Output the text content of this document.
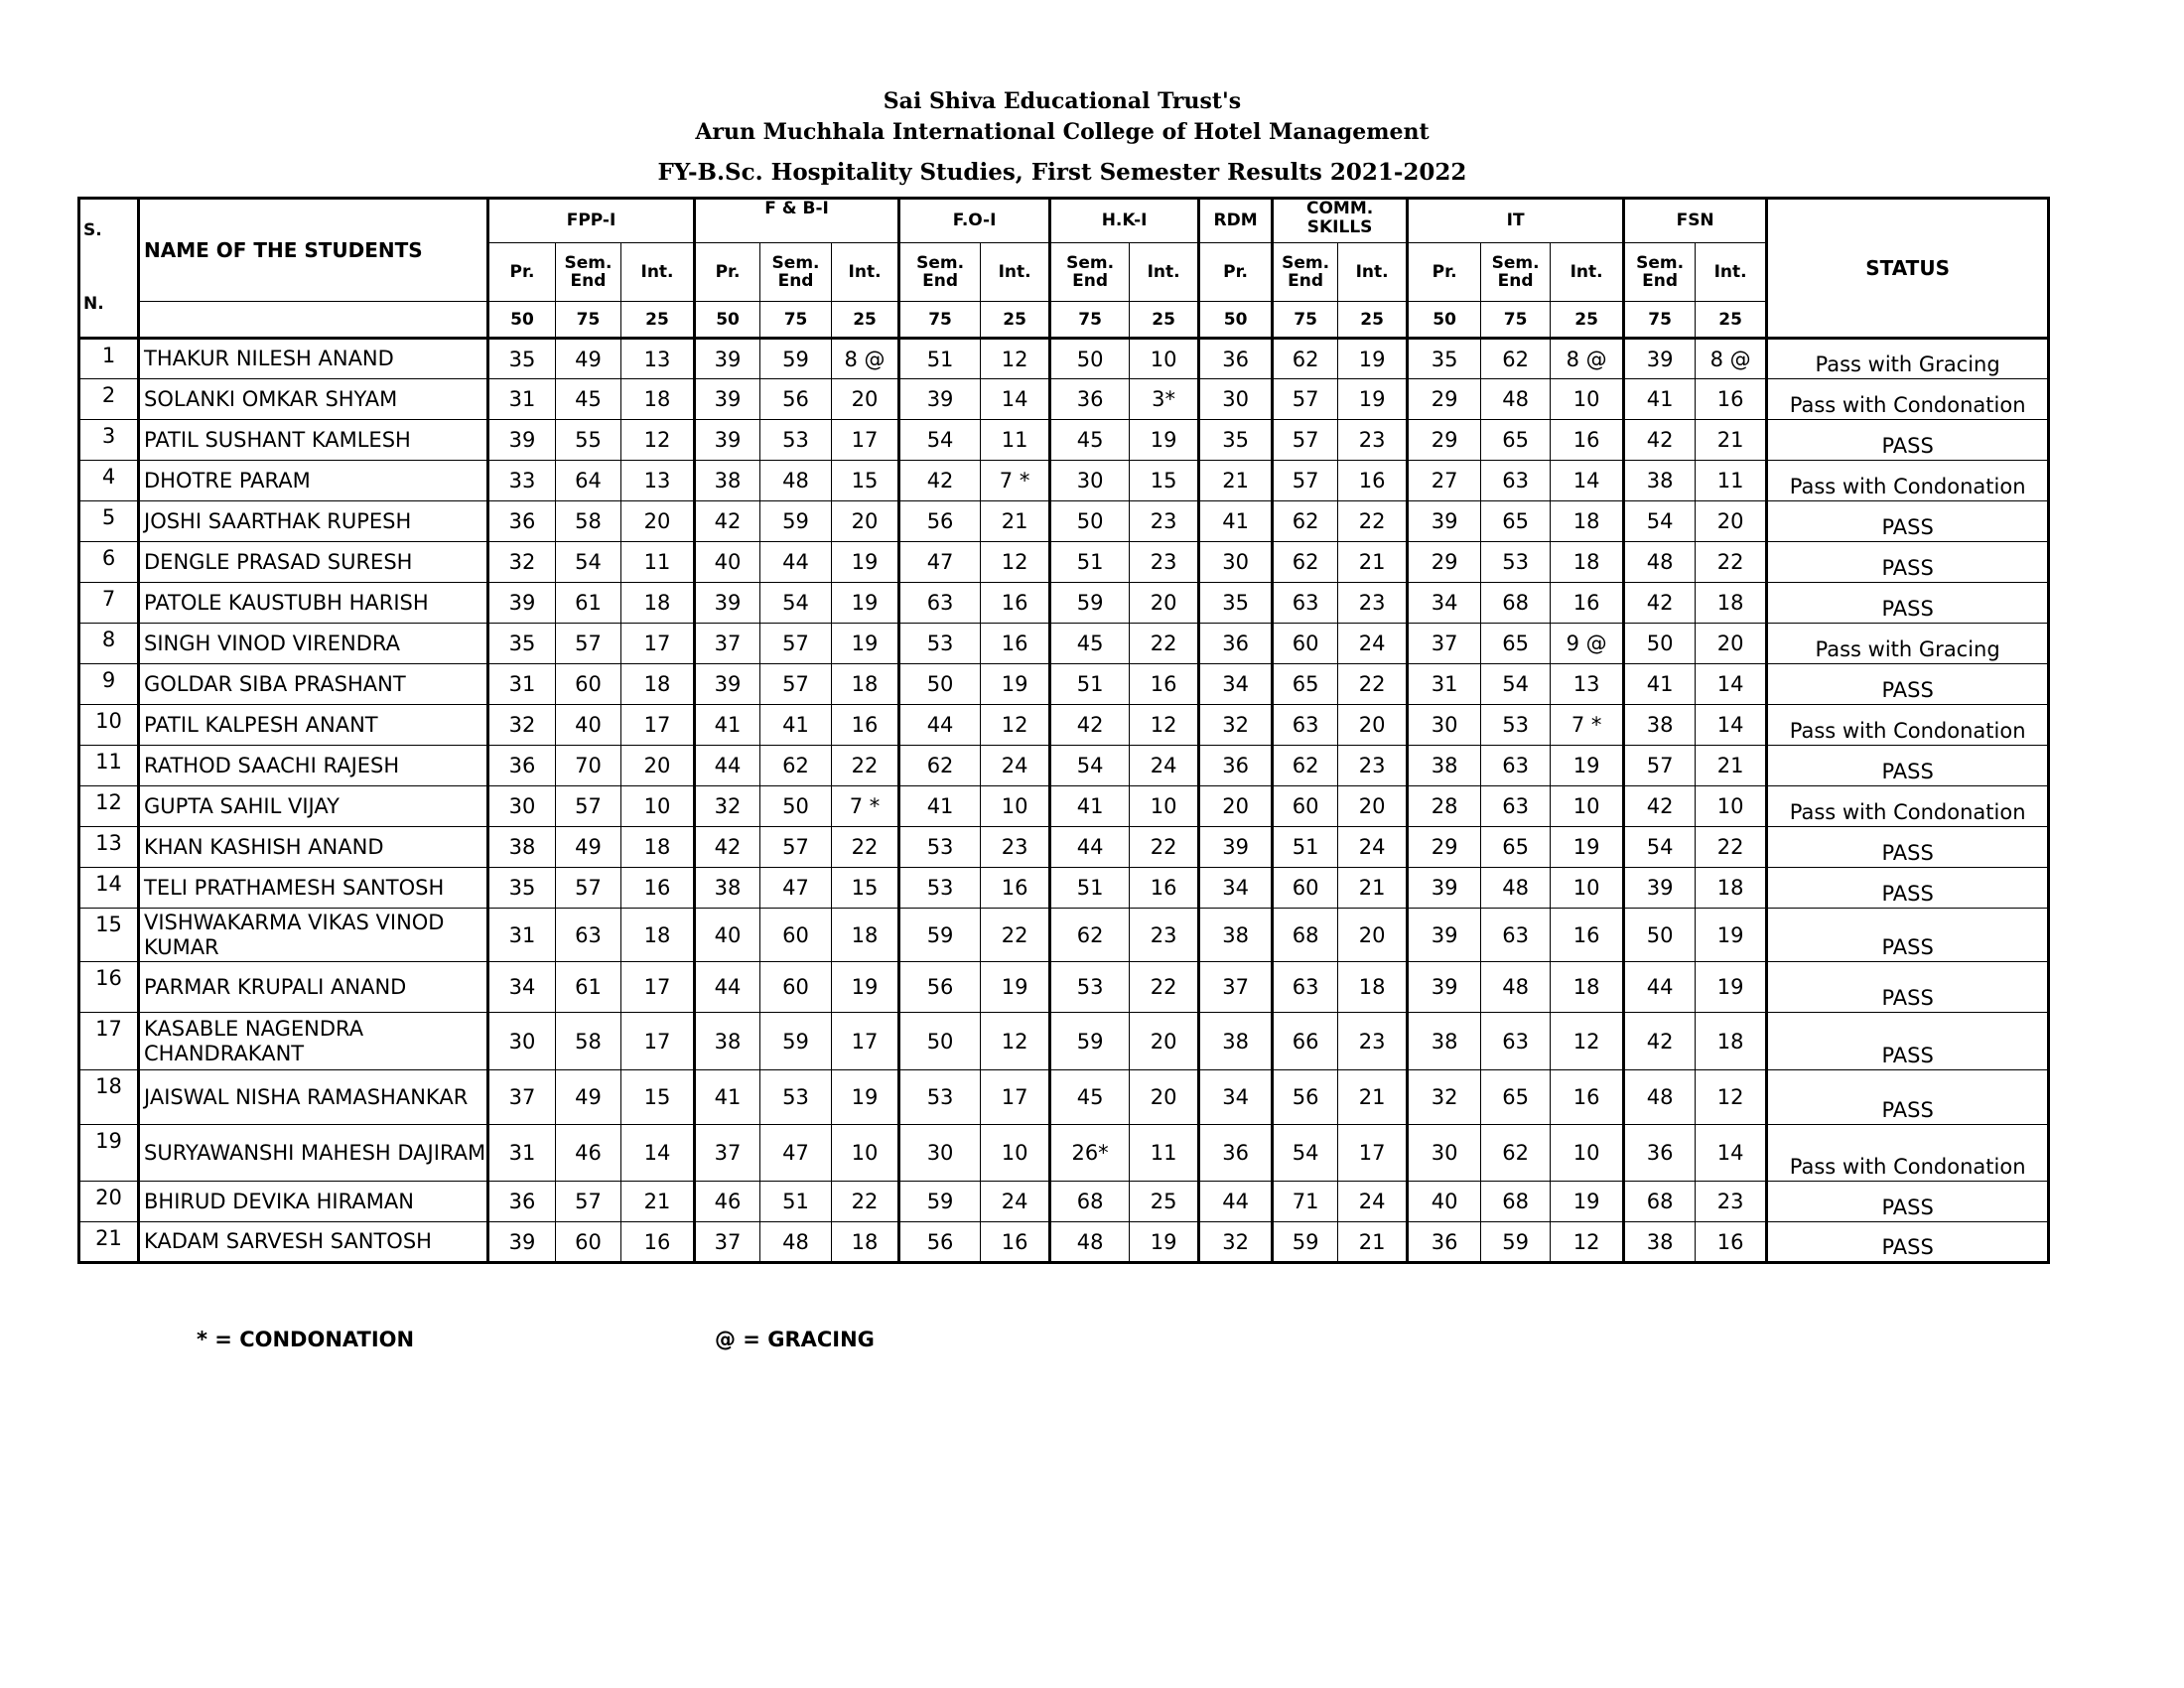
Sai Shiva Educational Trust's
Arun Muchhala International College of Hotel Management
FY-B.Sc. Hospitality Studies, First Semester Results 2021-2022
S.
N.	NAME OF THE STUDENTS	FPP-I			F & B-I			F.O-I		H.K-I		RDM	COMM. SKILLS		IT			FSN		STATUS
		Pr.	Sem. End	Int.	Pr.	Sem. End	Int.	Sem. End	Int.	Sem. End	Int.	Pr.	Sem. End	Int.	Pr.	Sem. End	Int.	Sem. End	Int.	
		50	75	25	50	75	25	75	25	75	25	50	75	25	50	75	25	75	25	
1	THAKUR NILESH ANAND	35	49	13	39	59	8 @	51	12	50	10	36	62	19	35	62	8 @	39	8 @	Pass with Gracing
2	SOLANKI OMKAR SHYAM	31	45	18	39	56	20	39	14	36	3*	30	57	19	29	48	10	41	16	Pass with Condonation
3	PATIL SUSHANT KAMLESH	39	55	12	39	53	17	54	11	45	19	35	57	23	29	65	16	42	21	PASS
4	DHOTRE PARAM	33	64	13	38	48	15	42	7 *	30	15	21	57	16	27	63	14	38	11	Pass with Condonation
5	JOSHI SAARTHAK RUPESH	36	58	20	42	59	20	56	21	50	23	41	62	22	39	65	18	54	20	PASS
6	DENGLE PRASAD SURESH	32	54	11	40	44	19	47	12	51	23	30	62	21	29	53	18	48	22	PASS
7	PATOLE KAUSTUBH HARISH	39	61	18	39	54	19	63	16	59	20	35	63	23	34	68	16	42	18	PASS
8	SINGH VINOD VIRENDRA	35	57	17	37	57	19	53	16	45	22	36	60	24	37	65	9 @	50	20	Pass with Gracing
9	GOLDAR SIBA PRASHANT	31	60	18	39	57	18	50	19	51	16	34	65	22	31	54	13	41	14	PASS
10	PATIL KALPESH ANANT	32	40	17	41	41	16	44	12	42	12	32	63	20	30	53	7 *	38	14	Pass with Condonation
11	RATHOD SAACHI RAJESH	36	70	20	44	62	22	62	24	54	24	36	62	23	38	63	19	57	21	PASS
12	GUPTA SAHIL VIJAY	30	57	10	32	50	7 *	41	10	41	10	20	60	20	28	63	10	42	10	Pass with Condonation
13	KHAN KASHISH ANAND	38	49	18	42	57	22	53	23	44	22	39	51	24	29	65	19	54	22	PASS
14	TELI PRATHAMESH SANTOSH	35	57	16	38	47	15	53	16	51	16	34	60	21	39	48	10	39	18	PASS
15	VISHWAKARMA VIKAS VINOD KUMAR	31	63	18	40	60	18	59	22	62	23	38	68	20	39	63	16	50	19	PASS
16	PARMAR KRUPALI ANAND	34	61	17	44	60	19	56	19	53	22	37	63	18	39	48	18	44	19	PASS
17	KASABLE NAGENDRA CHANDRAKANT	30	58	17	38	59	17	50	12	59	20	38	66	23	38	63	12	42	18	PASS
18	JAISWAL NISHA RAMASHANKAR	37	49	15	41	53	19	53	17	45	20	34	56	21	32	65	16	48	12	PASS
19	SURYAWANSHI MAHESH DAJIRAM	31	46	14	37	47	10	30	10	26*	11	36	54	17	30	62	10	36	14	Pass with Condonation
20	BHIRUD DEVIKA HIRAMAN	36	57	21	46	51	22	59	24	68	25	44	71	24	40	68	19	68	23	PASS
21	KADAM SARVESH SANTOSH	39	60	16	37	48	18	56	16	48	19	32	59	21	36	59	12	38	16	PASS
* = CONDONATION	@ = GRACING
